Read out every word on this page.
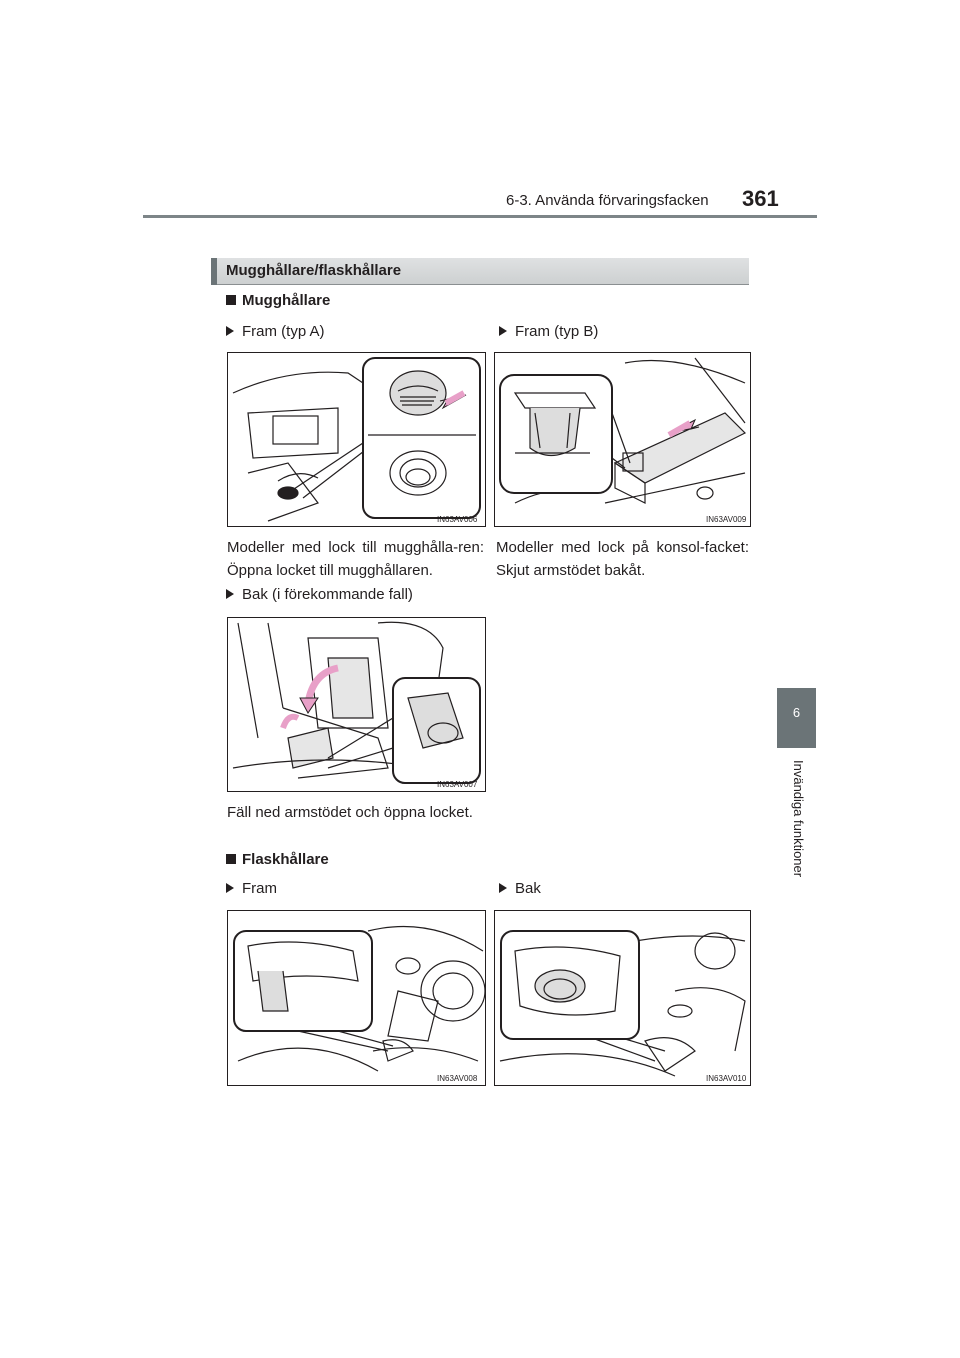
6-3. Använda förvaringsfacken 361
6
Invändiga funktioner
Mugghållare/flaskhållare
Mugghållare
Fram (typ A)
IN63AV006
Modeller med lock till mugghålla-ren: Öppna locket till mugghållaren.
Fram (typ B)
IN63AV009
Modeller med lock på konsol-facket: Skjut armstödet bakåt.
Bak (i förekommande fall)
IN63AV007
Fäll ned armstödet och öppna locket.
Flaskhållare
Fram
IN63AV008
Bak
IN63AV010
